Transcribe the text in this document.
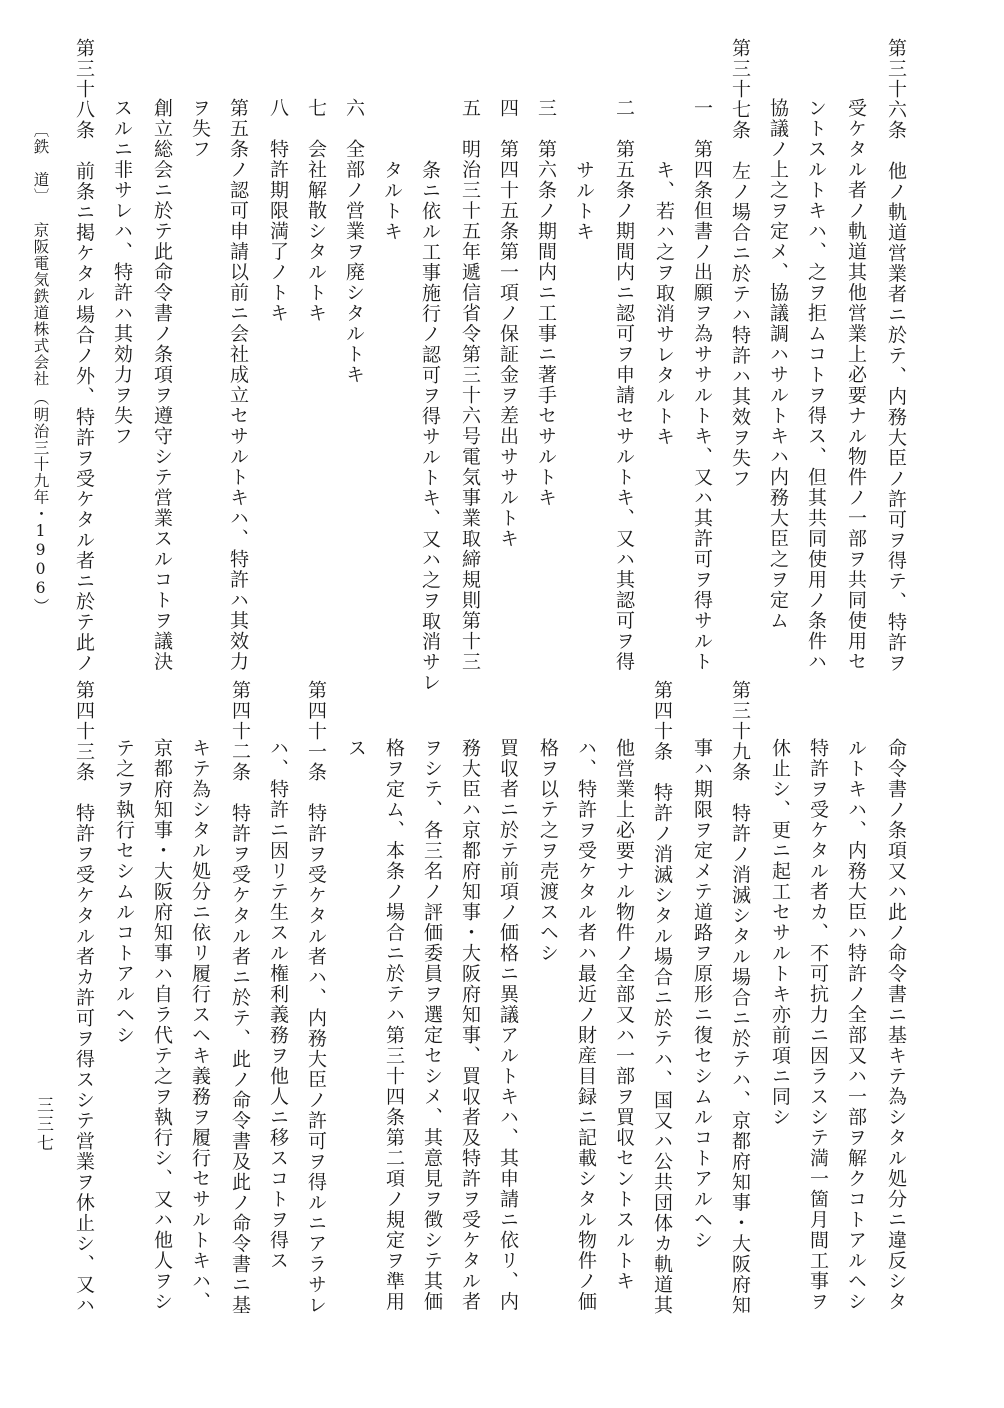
第三十六条　他ノ軌道営業者ニ於テ、内務大臣ノ許可ヲ得テ、特許ヲ
受ケタル者ノ軌道其他営業上必要ナル物件ノ一部ヲ共同使用セ
ントスルトキハ、之ヲ拒ムコトヲ得ス、但其共同使用ノ条件ハ
協議ノ上之ヲ定メ、協議調ハサルトキハ内務大臣之ヲ定ム
第三十七条　左ノ場合ニ於テハ特許ハ其效ヲ失フ
一　第四条但書ノ出願ヲ為ササルトキ、又ハ其許可ヲ得サルト
キ、若ハ之ヲ取消サレタルトキ
二　第五条ノ期間内ニ認可ヲ申請セサルトキ、又ハ其認可ヲ得
サルトキ
三　第六条ノ期間内ニ工事ニ著手セサルトキ
四　第四十五条第一項ノ保証金ヲ差出ササルトキ
五　明治三十五年遞信省令第三十六号電気事業取締規則第十三
条ニ依ル工事施行ノ認可ヲ得サルトキ、又ハ之ヲ取消サレ
タルトキ
六　全部ノ営業ヲ廃シタルトキ
七　会社解散シタルトキ
八　特許期限満了ノトキ
第五条ノ認可申請以前ニ会社成立セサルトキハ、特許ハ其效力
ヲ失フ
創立総会ニ於テ此命令書ノ条項ヲ遵守シテ営業スルコトヲ議決
スルニ非サレハ、特許ハ其効力ヲ失フ
第三十八条　前条ニ掲ケタル場合ノ外、特許ヲ受ケタル者ニ於テ此ノ
命令書ノ条項又ハ此ノ命令書ニ基キテ為シタル処分ニ違反シタ
ルトキハ、内務大臣ハ特許ノ全部又ハ一部ヲ解クコトアルヘシ
特許ヲ受ケタル者カ、不可抗力ニ因ラスシテ満一箇月間工事ヲ
休止シ、更ニ起工セサルトキ亦前項ニ同シ
第三十九条　特許ノ消滅シタル場合ニ於テハ、京都府知事・大阪府知
事ハ期限ヲ定メテ道路ヲ原形ニ復セシムルコトアルヘシ
第四十条　特許ノ消滅シタル場合ニ於テハ、国又ハ公共団体カ軌道其
他営業上必要ナル物件ノ全部又ハ一部ヲ買収セントスルトキ
ハ、特許ヲ受ケタル者ハ最近ノ財産目録ニ記載シタル物件ノ価
格ヲ以テ之ヲ売渡スヘシ
買収者ニ於テ前項ノ価格ニ異議アルトキハ、其申請ニ依リ、内
務大臣ハ京都府知事・大阪府知事、買収者及特許ヲ受ケタル者
ヲシテ、各三名ノ評価委員ヲ選定セシメ、其意見ヲ徴シテ其価
格ヲ定ム、本条ノ場合ニ於テハ第三十四条第二項ノ規定ヲ準用
ス
第四十一条　特許ヲ受ケタル者ハ、内務大臣ノ許可ヲ得ルニアラサレ
ハ、特許ニ因リテ生スル権利義務ヲ他人ニ移スコトヲ得ス
第四十二条　特許ヲ受ケタル者ニ於テ、此ノ命令書及此ノ命令書ニ基
キテ為シタル処分ニ依リ履行スヘキ義務ヲ履行セサルトキハ、
京都府知事・大阪府知事ハ自ラ代テ之ヲ執行シ、又ハ他人ヲシ
テ之ヲ執行セシムルコトアルヘシ
第四十三条　特許ヲ受ケタル者カ許可ヲ得スシテ営業ヲ休止シ、又ハ
〔鉄　道〕
京阪電気鉄道株式会社
（明治三十九年・1906）
三三七
